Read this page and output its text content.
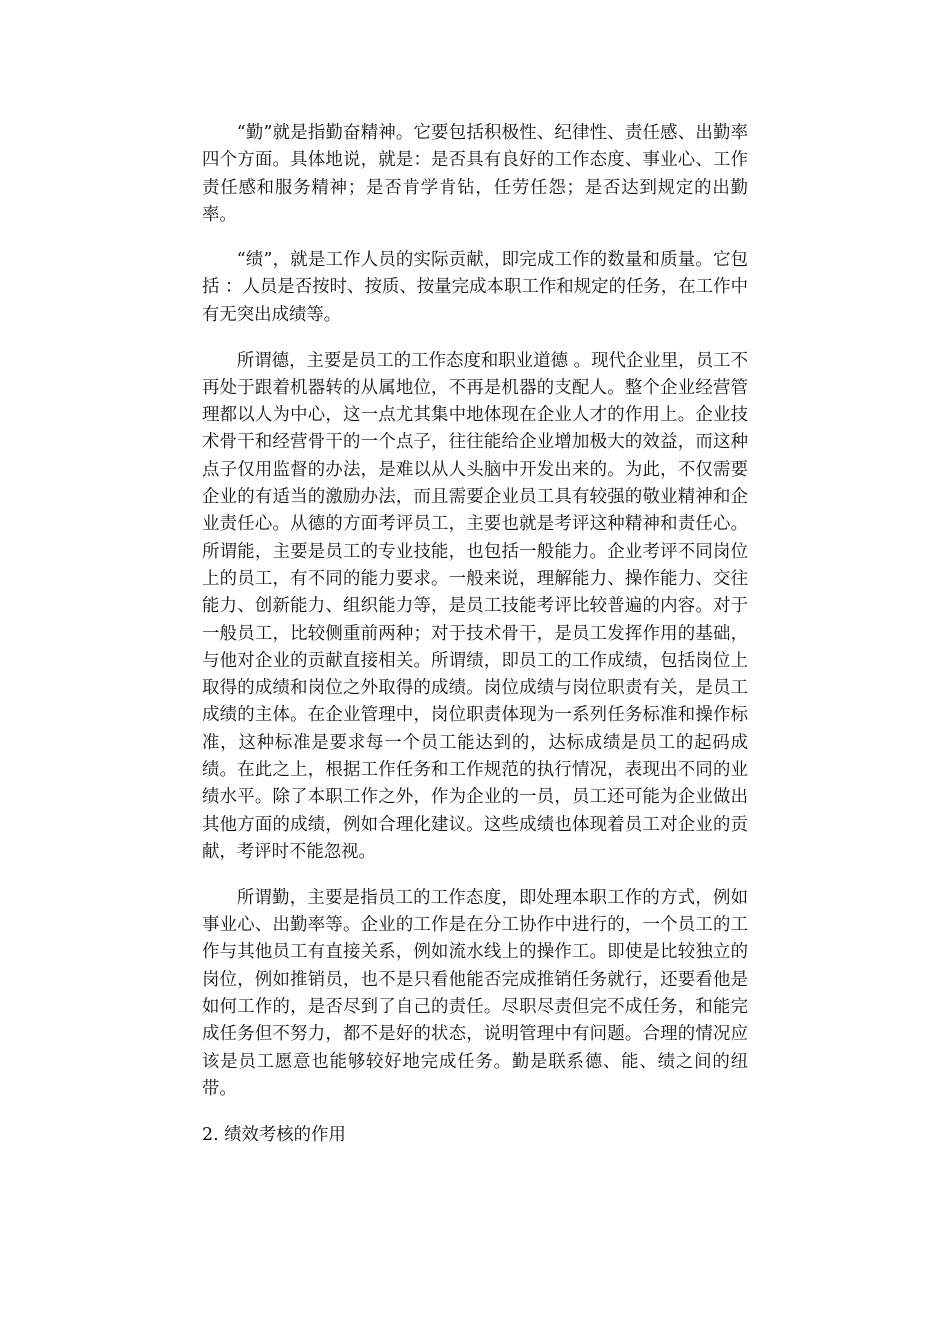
“勤”就是指勤奋精神。它要包括积极性、纪律性、责任感、出勤率四个方面。具体地说，就是：是否具有良好的工作态度、事业心、工作责任感和服务精神；是否肯学肯钻，任劳任怨；是否达到规定的出勤率。

“绩”，就是工作人员的实际贡献，即完成工作的数量和质量。它包括 ：人员是否按时、按质、按量完成本职工作和规定的任务，在工作中有无突出成绩等。

所谓德，主要是员工的工作态度和职业道德 。现代企业里，员工不再处于跟着机器转的从属地位，不再是机器的支配人。整个企业经营管理都以人为中心，这一点尤其集中地体现在企业人才的作用上。企业技术骨干和经营骨干的一个点子，往往能给企业增加极大的效益，而这种点子仅用监督的办法，是难以从人头脑中开发出来的。为此，不仅需要企业的有适当的激励办法，而且需要企业员工具有较强的敬业精神和企业责任心。从德的方面考评员工，主要也就是考评这种精神和责任心。所谓能，主要是员工的专业技能，也包括一般能力。企业考评不同岗位上的员工，有不同的能力要求。一般来说，理解能力、操作能力、交往能力、创新能力、组织能力等，是员工技能考评比较普遍的内容。对于一般员工，比较侧重前两种；对于技术骨干，是员工发挥作用的基础，与他对企业的贡献直接相关。所谓绩，即员工的工作成绩，包括岗位上取得的成绩和岗位之外取得的成绩。岗位成绩与岗位职责有关，是员工成绩的主体。在企业管理中，岗位职责体现为一系列任务标准和操作标准，这种标准是要求每一个员工能达到的，达标成绩是员工的起码成绩。在此之上，根据工作任务和工作规范的执行情况，表现出不同的业绩水平。除了本职工作之外，作为企业的一员，员工还可能为企业做出其他方面的成绩，例如合理化建议。这些成绩也体现着员工对企业的贡献，考评时不能忽视。

所谓勤，主要是指员工的工作态度，即处理本职工作的方式，例如事业心、出勤率等。企业的工作是在分工协作中进行的，一个员工的工作与其他员工有直接关系，例如流水线上的操作工。即使是比较独立的岗位，例如推销员，也不是只看他能否完成推销任务就行，还要看他是如何工作的，是否尽到了自己的责任。尽职尽责但完不成任务，和能完成任务但不努力，都不是好的状态，说明管理中有问题。合理的情况应该是员工愿意也能够较好地完成任务。勤是联系德、能、绩之间的纽带。

2. 绩效考核的作用
